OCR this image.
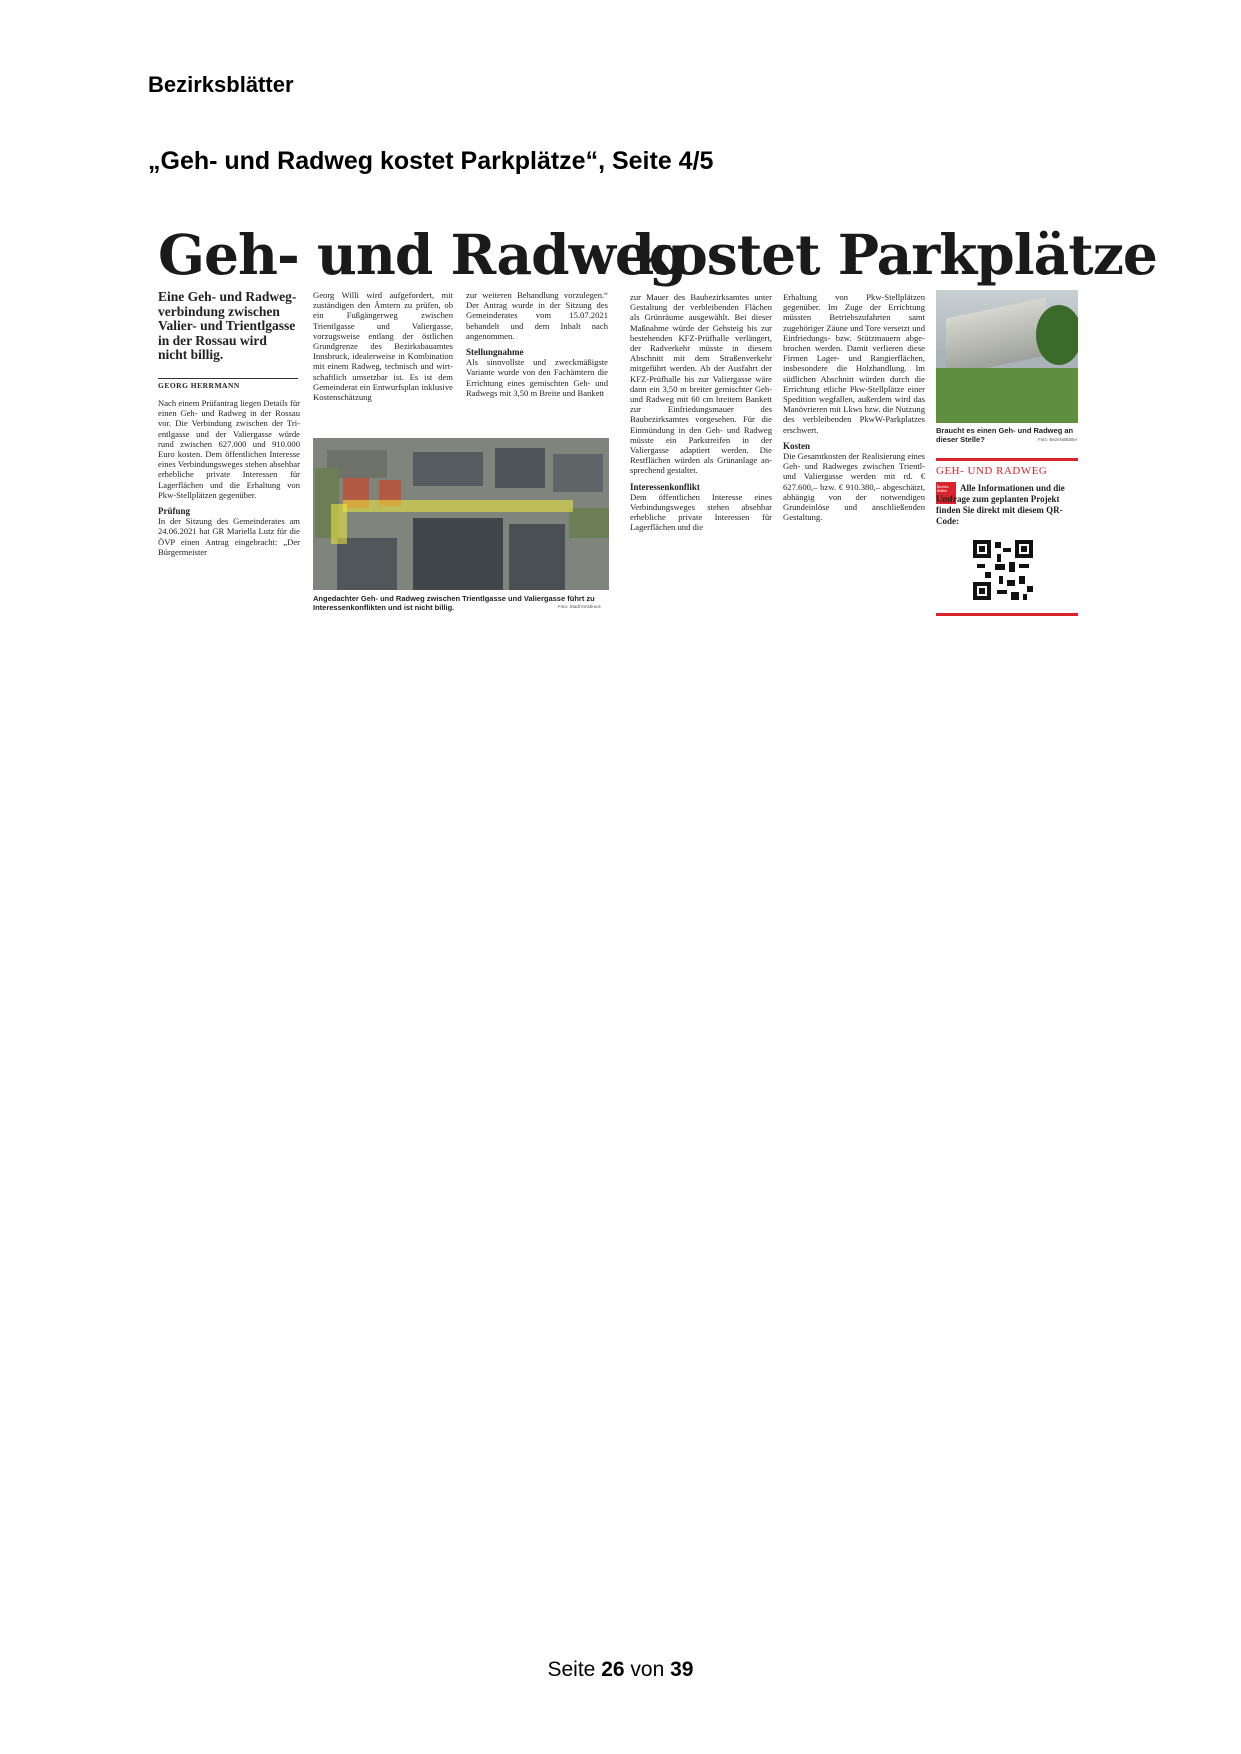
Bezirksblätter
„Geh- und Radweg kostet Parkplätze“, Seite 4/5
Geh- und Radweg
kostet Parkplätze
Eine Geh- und Radwegverbindung zwischen Valier- und Trientlgasse in der Rossau wird nicht billig.
GEORG HERRMANN

Nach einem Prüfantrag liegen Details für einen Geh- und Radweg in der Rossau vor. Die Verbindung zwischen der Trientlgasse und der Valiergasse würde rund zwischen 627.000 und 910.000 Euro kosten. Dem öffentlichen Interesse eines Verbindungsweges stehen absehbar erhebliche private Interessen für Lagerflächen und die Erhaltung von Pkw-Stellplätzen gegenüber.

Prüfung

In der Sitzung des Gemeinderates am 24.06.2021 hat GR Mariella Lutz für die ÖVP einen Antrag eingebracht: „Der Bürgermeister

Georg Willi wird aufgefordert, mit zuständigen den Ämtern zu prüfen, ob ein Fußgängerweg zwischen Trientlgasse und Valiergasse, vorzugsweise entlang der östlichen Grundgrenze des Bezirksbauamtes Innsbruck, idealerweise in Kombination mit einem Radweg, technisch und wirtschaftlich umsetzbar ist. Es ist dem Gemeinderat ein Entwurfsplan inklusive Kostenschätzung

zur weiteren Behandlung vorzulegen.“ Der Antrag wurde in der Sitzung des Gemeinderates vom 15.07.2021 behandelt und dem Inhalt nach angenommen.

Stellungnahme

Als sinnvollste und zweckmäßigste Variante wurde von den Fachämtern die Errichtung eines gemischten Geh- und Radwegs mit 3,50 m Breite und Bankett

Angedachter Geh- und Radweg zwischen Trientlgasse und Valiergasse führt zu Interessenkonflikten und ist nicht billig.	Foto: Stadt Innsbruck

zur Mauer des Baubezirksamtes unter Gestaltung der verbleibenden Flächen als Grünräume ausgewählt. Bei dieser Maßnahme würde der Gehsteig bis zur bestehenden KFZ-Prüfhalle verlängert, der Radverkehr müsste in diesem Abschnitt mit dem Straßenverkehr mitgeführt werden. Ab der Ausfahrt der KFZ-Prüfhalle bis zur Valiergasse wäre dann ein 3,50 m breiter gemischter Geh- und Radweg mit 60 cm breitem Bankett zur Einfriedungsmauer des Baubezirksamtes vorgesehen. Für die Einmündung in den Geh- und Radweg müsste ein Parkstreifen in der Valiergasse adaptiert werden. Die Restflächen würden als Grünanlage ansprechend gestaltet.

Interessenkonflikt

Dem öffentlichen Interesse eines Verbindungsweges stehen absehbar erhebliche private Interessen für Lagerflächen und die

Erhaltung von Pkw-Stellplätzen gegenüber. Im Zuge der Errichtung müssten Betriebszufahrten samt zugehöriger Zäune und Tore versetzt und Einfriedungs- bzw. Stützmauern abgebrochen werden. Damit verlieren diese Firmen Lager- und Rangierflächen, insbesondere die Holzhandlung. Im südlichen Abschnitt würden durch die Errichtung etliche Pkw-Stellplätze einer Spedition wegfallen, außerdem wird das Manövrieren mit Lkws bzw. die Nutzung des verbleibenden PkwW-Parkplatzes erschwert.

Kosten

Die Gesamtkosten der Realisierung eines Geh- und Radweges zwischen Trientl- und Valiergasse werden mit rd. € 627.600,– bzw. € 910.380,– abgeschätzt, abhängig von der notwendigen Grundeinlöse und anschließenden Gestaltung.

Braucht es einen Geh- und Radweg an dieser Stelle?	Foto: BezirksBlätter
GEH- UND RADWEG
Bezirks Blätter	Alle Informationen und die Umfrage zum geplanten Projekt finden Sie direkt mit diesem QR-Code:
Seite 26 von 39
